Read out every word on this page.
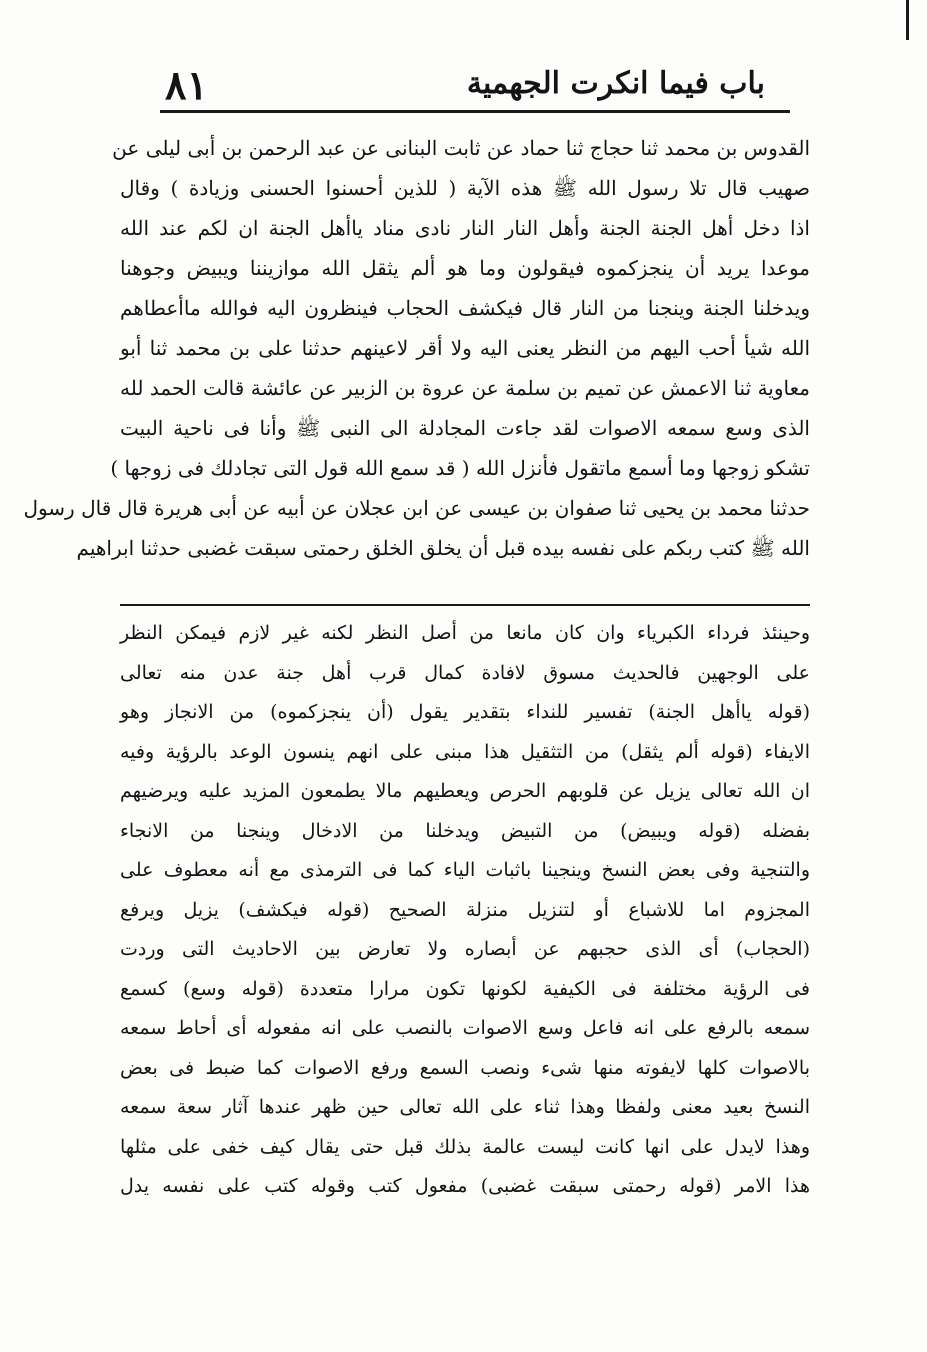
٨١	باب فيما انكرت الجهمية
القدوس بن محمد ثنا حجاج ثنا حماد عن ثابت البنانى عن عبد الرحمن بن أبى ليلى عن
صهيب قال تلا رسول الله ﷺ هذه الآية ( للذين أحسنوا الحسنى وزيادة ) وقال
اذا دخل أهل الجنة الجنة وأهل النار النار نادى مناد ياأهل الجنة ان لكم عند الله
موعدا يريد أن ينجزكموه فيقولون وما هو ألم يثقل الله موازيننا ويبيض وجوهنا
ويدخلنا الجنة وينجنا من النار قال فيكشف الحجاب فينظرون اليه فوالله ماأعطاهم
الله شيأ أحب اليهم من النظر يعنى اليه ولا أقر لاعينهم حدثنا على بن محمد ثنا أبو
معاوية ثنا الاعمش عن تميم بن سلمة عن عروة بن الزبير عن عائشة قالت الحمد لله
الذى وسع سمعه الاصوات لقد جاءت المجادلة الى النبى ﷺ وأنا فى ناحية البيت
تشكو زوجها وما أسمع ماتقول فأنزل الله ( قد سمع الله قول التى تجادلك فى زوجها )
حدثنا محمد بن يحيى ثنا صفوان بن عيسى عن ابن عجلان عن أبيه عن أبى هريرة قال قال رسول
الله ﷺ كتب ربكم على نفسه بيده قبل أن يخلق الخلق رحمتى سبقت غضبى حدثنا ابراهيم
وحينئذ فرداء الكبرياء وان كان مانعا من أصل النظر لكنه غير لازم فيمكن النظر
على الوجهين فالحديث مسوق لافادة كمال قرب أهل جنة عدن منه تعالى
(قوله ياأهل الجنة) تفسير للنداء بتقدير يقول (أن ينجزكموه) من الانجاز وهو
الايفاء (قوله ألم يثقل) من التثقيل هذا مبنى على انهم ينسون الوعد بالرؤية وفيه
ان الله تعالى يزيل عن قلوبهم الحرص ويعطيهم مالا يطمعون المزيد عليه ويرضيهم
بفضله (قوله ويبيض) من التبيض ويدخلنا من الادخال وينجنا من الانجاء
والتنجية وفى بعض النسخ وينجينا باثبات الياء كما فى الترمذى مع أنه معطوف على
المجزوم اما للاشباع أو لتنزيل منزلة الصحيح (قوله فيكشف) يزيل ويرفع
(الحجاب) أى الذى حجبهم عن أبصاره ولا تعارض بين الاحاديث التى وردت
فى الرؤية مختلفة فى الكيفية لكونها تكون مرارا متعددة (قوله وسع) كسمع
سمعه بالرفع على انه فاعل وسع الاصوات بالنصب على انه مفعوله أى أحاط سمعه
بالاصوات كلها لايفوته منها شىء ونصب السمع ورفع الاصوات كما ضبط فى بعض
النسخ بعيد معنى ولفظا وهذا ثناء على الله تعالى حين ظهر عندها آثار سعة سمعه
وهذا لايدل على انها كانت ليست عالمة بذلك قبل حتى يقال كيف خفى على مثلها
هذا الامر (قوله رحمتى سبقت غضبى) مفعول كتب وقوله كتب على نفسه يدل
